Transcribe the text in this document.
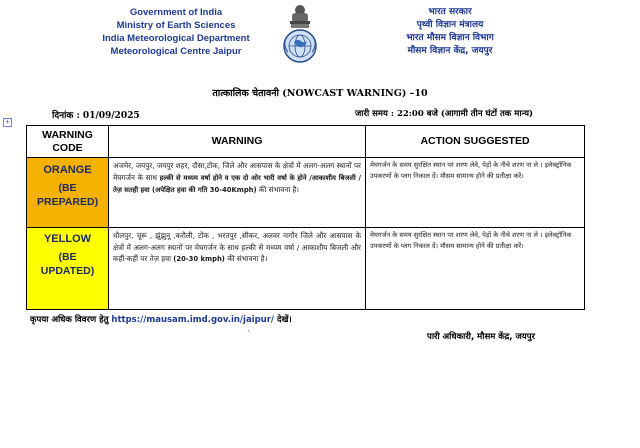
Government of India
Ministry of Earth Sciences
India Meteorological Department
Meteorological Centre Jaipur
भारत सरकार
पृथ्वी विज्ञान मंत्रालय
भारत मौसम विज्ञान विभाग
मौसम विज्ञान केंद्र, जयपुर
तात्कालिक चेतावनी (NOWCAST WARNING) –10
दिनांक : 01/09/2025	जारी समय : 22:00 बजे (आगामी तीन घंटों तक मान्य)
+
WARNING CODE	WARNING	ACTION SUGGESTED

ORANGE
(BE PREPARED)	अजमेर, जयपुर, जयपुर शहर, दौसा,टोंक, जिले और आसपास के क्षेत्रों में अलग-अलग स्थानों पर मेघगर्जन के साथ हल्की से मध्यम वर्षा होने व एक दो ओर भारी वर्षा के होने /आकाशीय बिजली / तेज़ सतही हवा (अपेक्षित हवा की गति 30-40Kmph) की संभावना है।	मेघगर्जन के समय सुरक्षित स्थान पर शरण लेवे, पेड़ों के नीचे शरण ना ले । इलेक्ट्रॉनिक उपकरणों के प्लग निकाल दें। मौसम सामान्य होने की प्रतीक्षा करें।

YELLOW
(BE UPDATED)	धौलपुर, चूरू , झुंझुनू ,करौली, टोंक , भरतपुर ,सीकर, अलवर नागौर जिले और आसपास के क्षेत्रों में अलग-अलग स्थानों पर मेघगर्जन के साथ हल्की से मध्यम वर्षा / आकाशीय बिजली और कहीं-कहीं पर तेज़ हवा (20-30 kmph) की संभावना है।	मेघगर्जन के समय सुरक्षित स्थान पर शरण लेवे, पेड़ों के नीचे शरण ना ले । इलेक्ट्रॉनिक उपकरणों के प्लग निकाल दें। मौसम सामान्य होने की प्रतीक्षा करें।
कृपया अधिक विवरण हेतु https://mausam.imd.gov.in/jaipur/ देखें।
`	पारी अधिकारी, मौसम केंद्र, जयपुर
